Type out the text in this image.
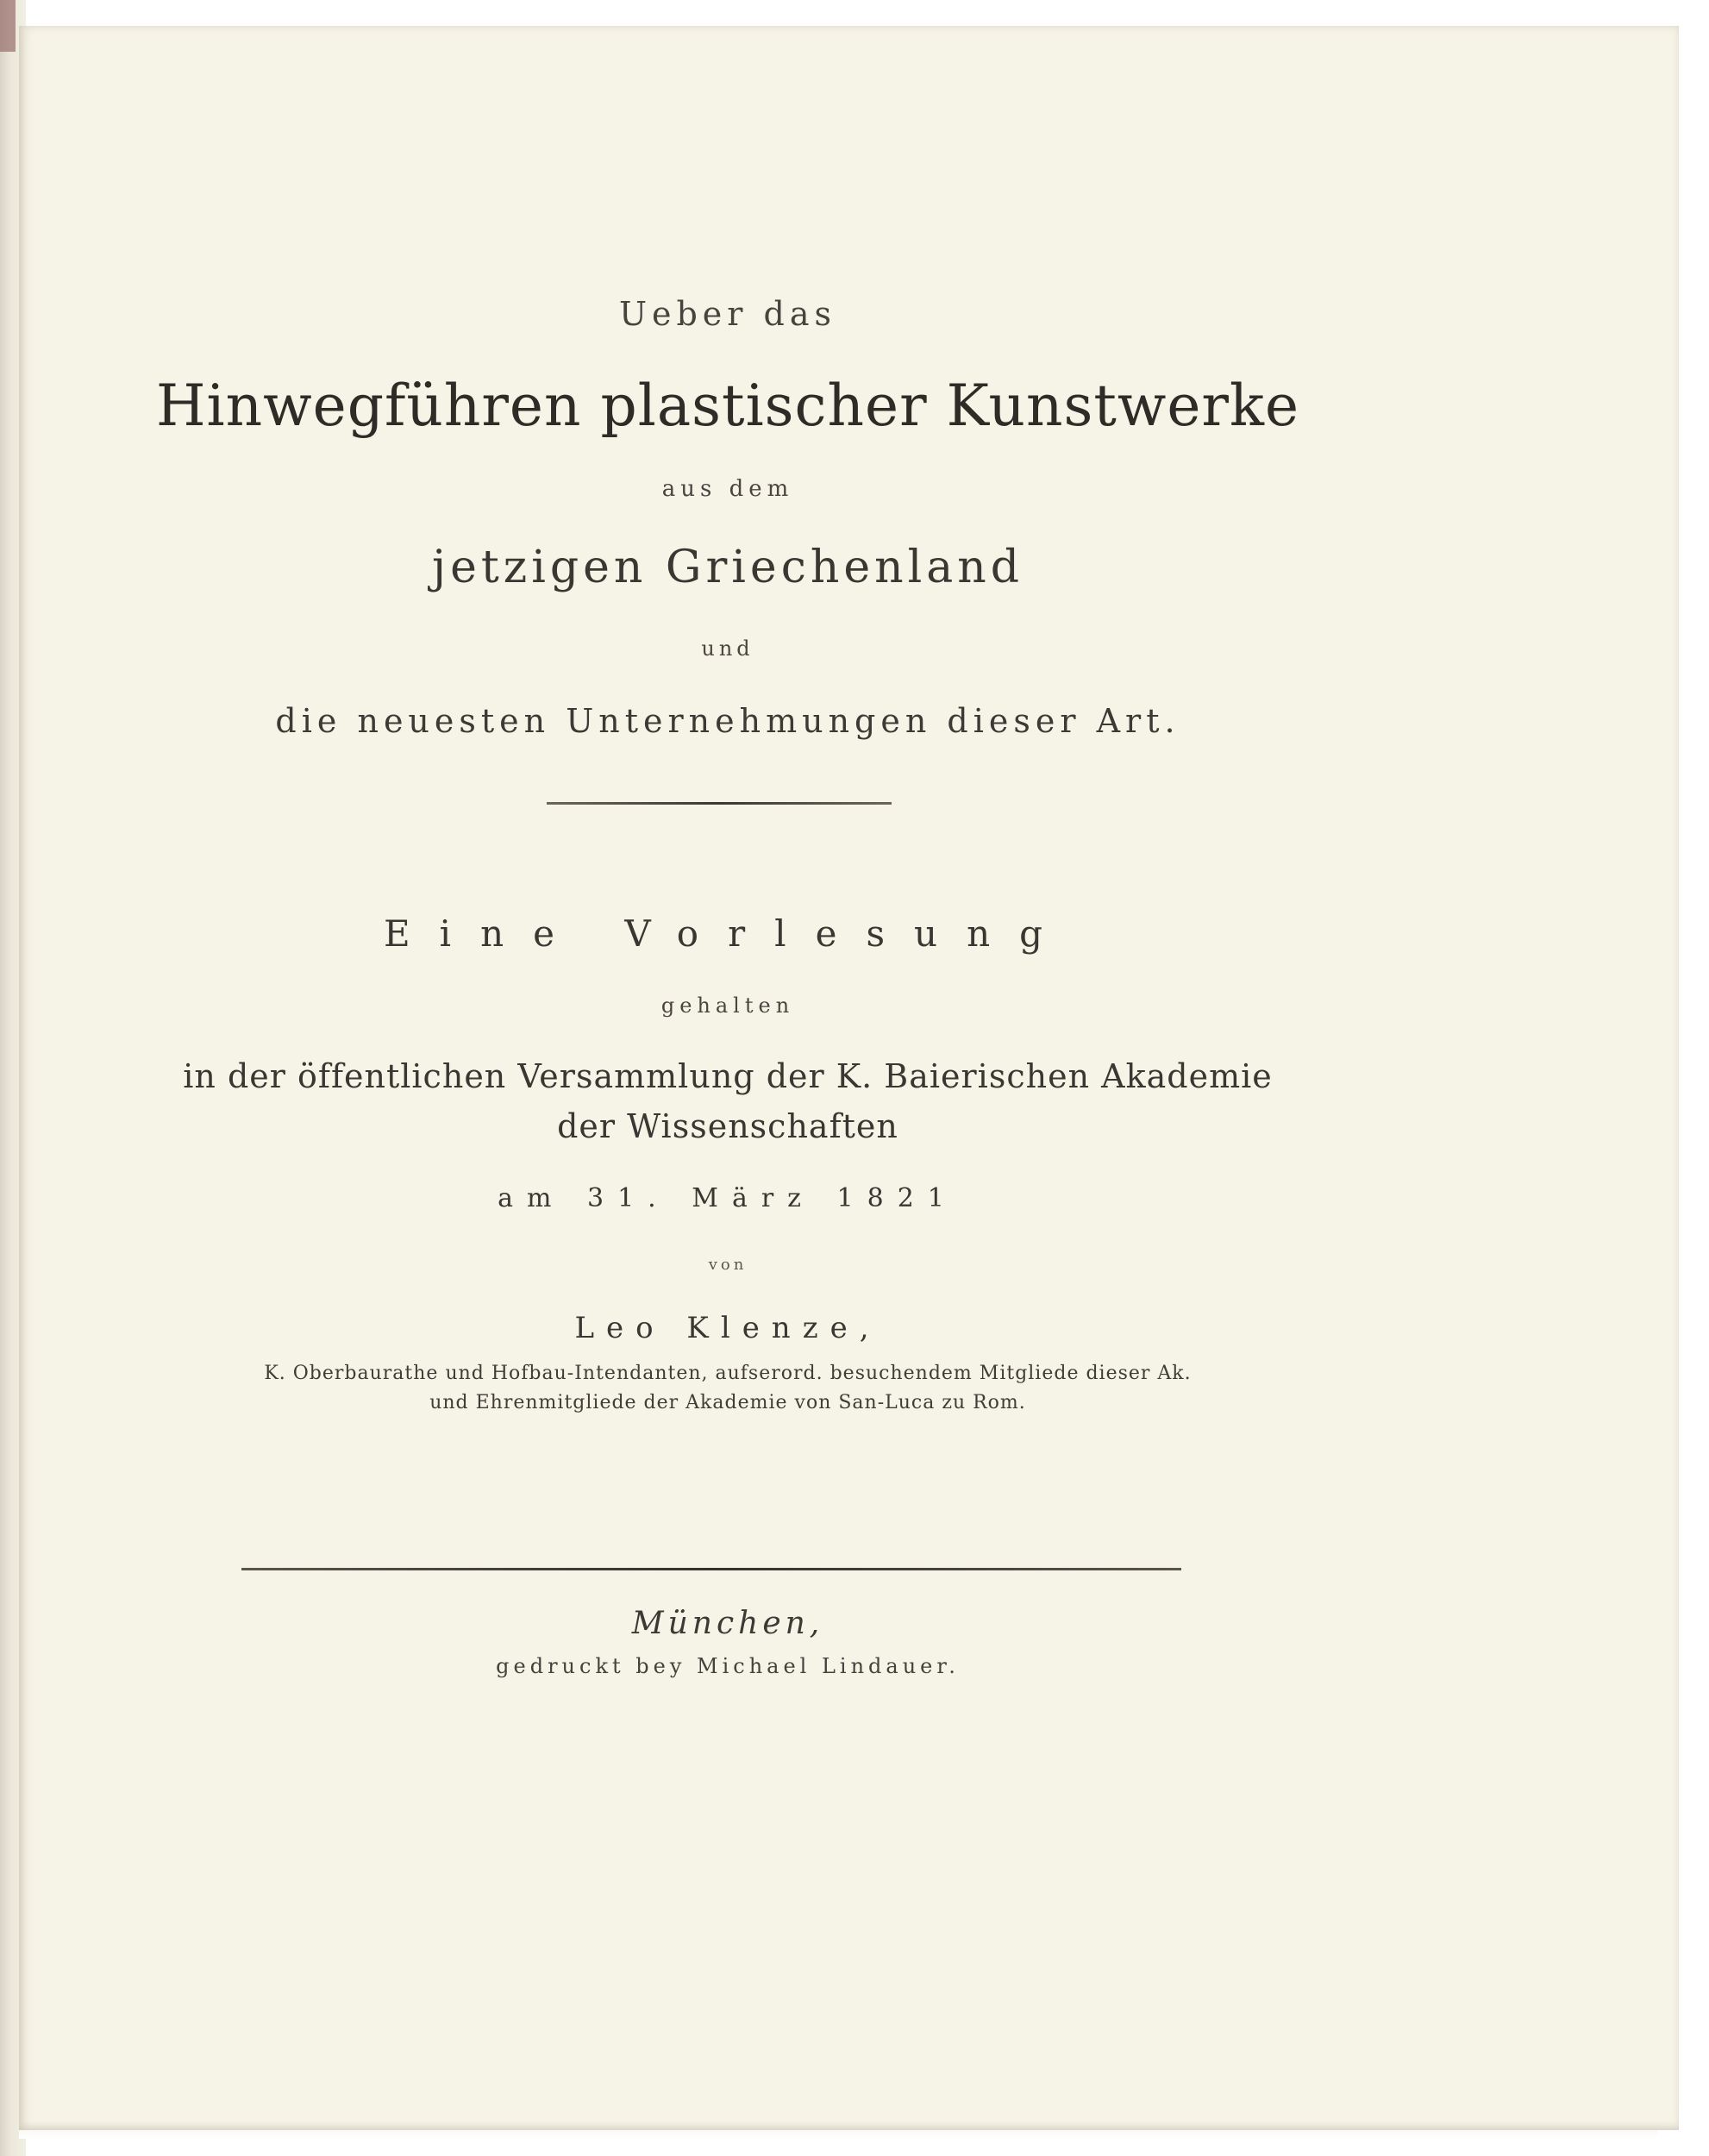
Ueber das
Hinwegführen plastischer Kunstwerke
aus dem
jetzigen Griechenland
und
die neuesten Unternehmungen dieser Art.
Eine Vorlesung
gehalten
in der öffentlichen Versammlung der K. Baierischen Akademie
der Wissenschaften
am 31. März 1821
von
Leo Klenze,
K. Oberbaurathe und Hofbau-Intendanten, aufserord. besuchendem Mitgliede dieser Ak.
und Ehrenmitgliede der Akademie von San-Luca zu Rom.
München,
gedruckt bey Michael Lindauer.
